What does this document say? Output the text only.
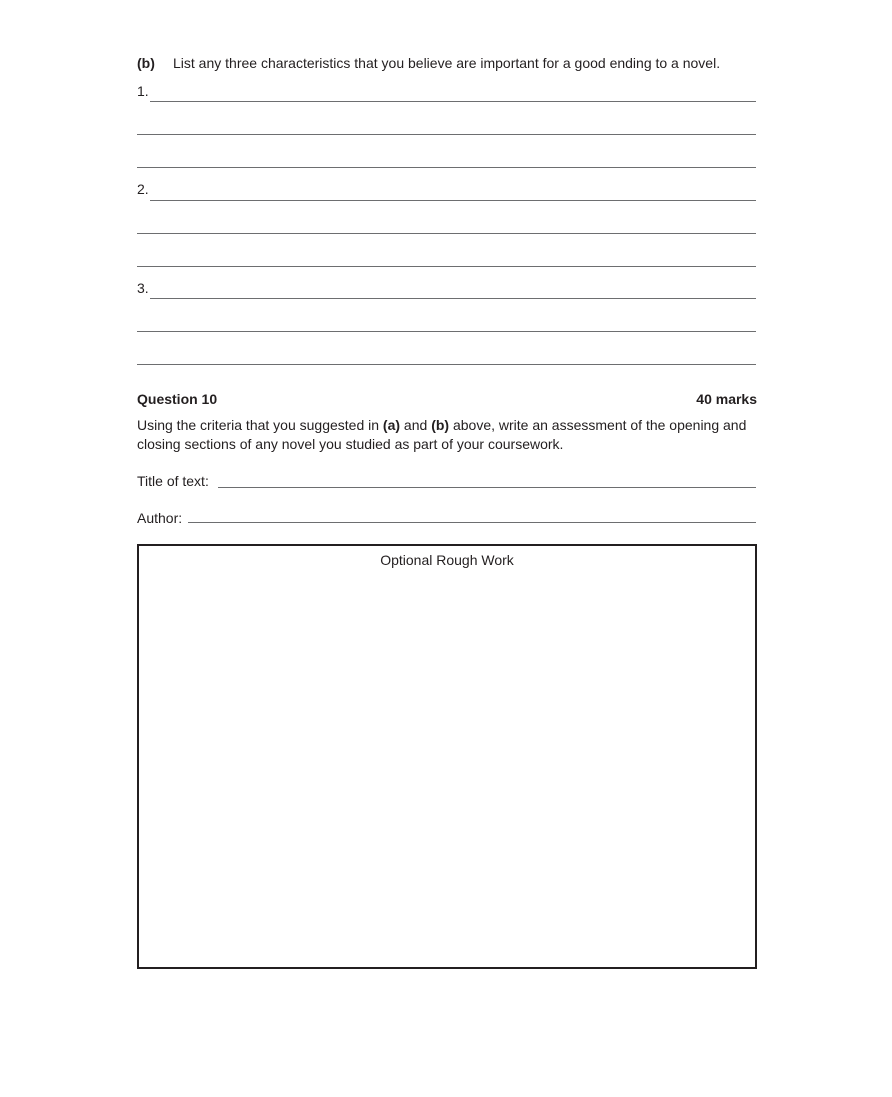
(b) List any three characteristics that you believe are important for a good ending to a novel.
1.
2.
3.
Question 10	40 marks
Using the criteria that you suggested in (a) and (b) above, write an assessment of the opening and closing sections of any novel you studied as part of your coursework.
Title of text:
Author:
Optional Rough Work
